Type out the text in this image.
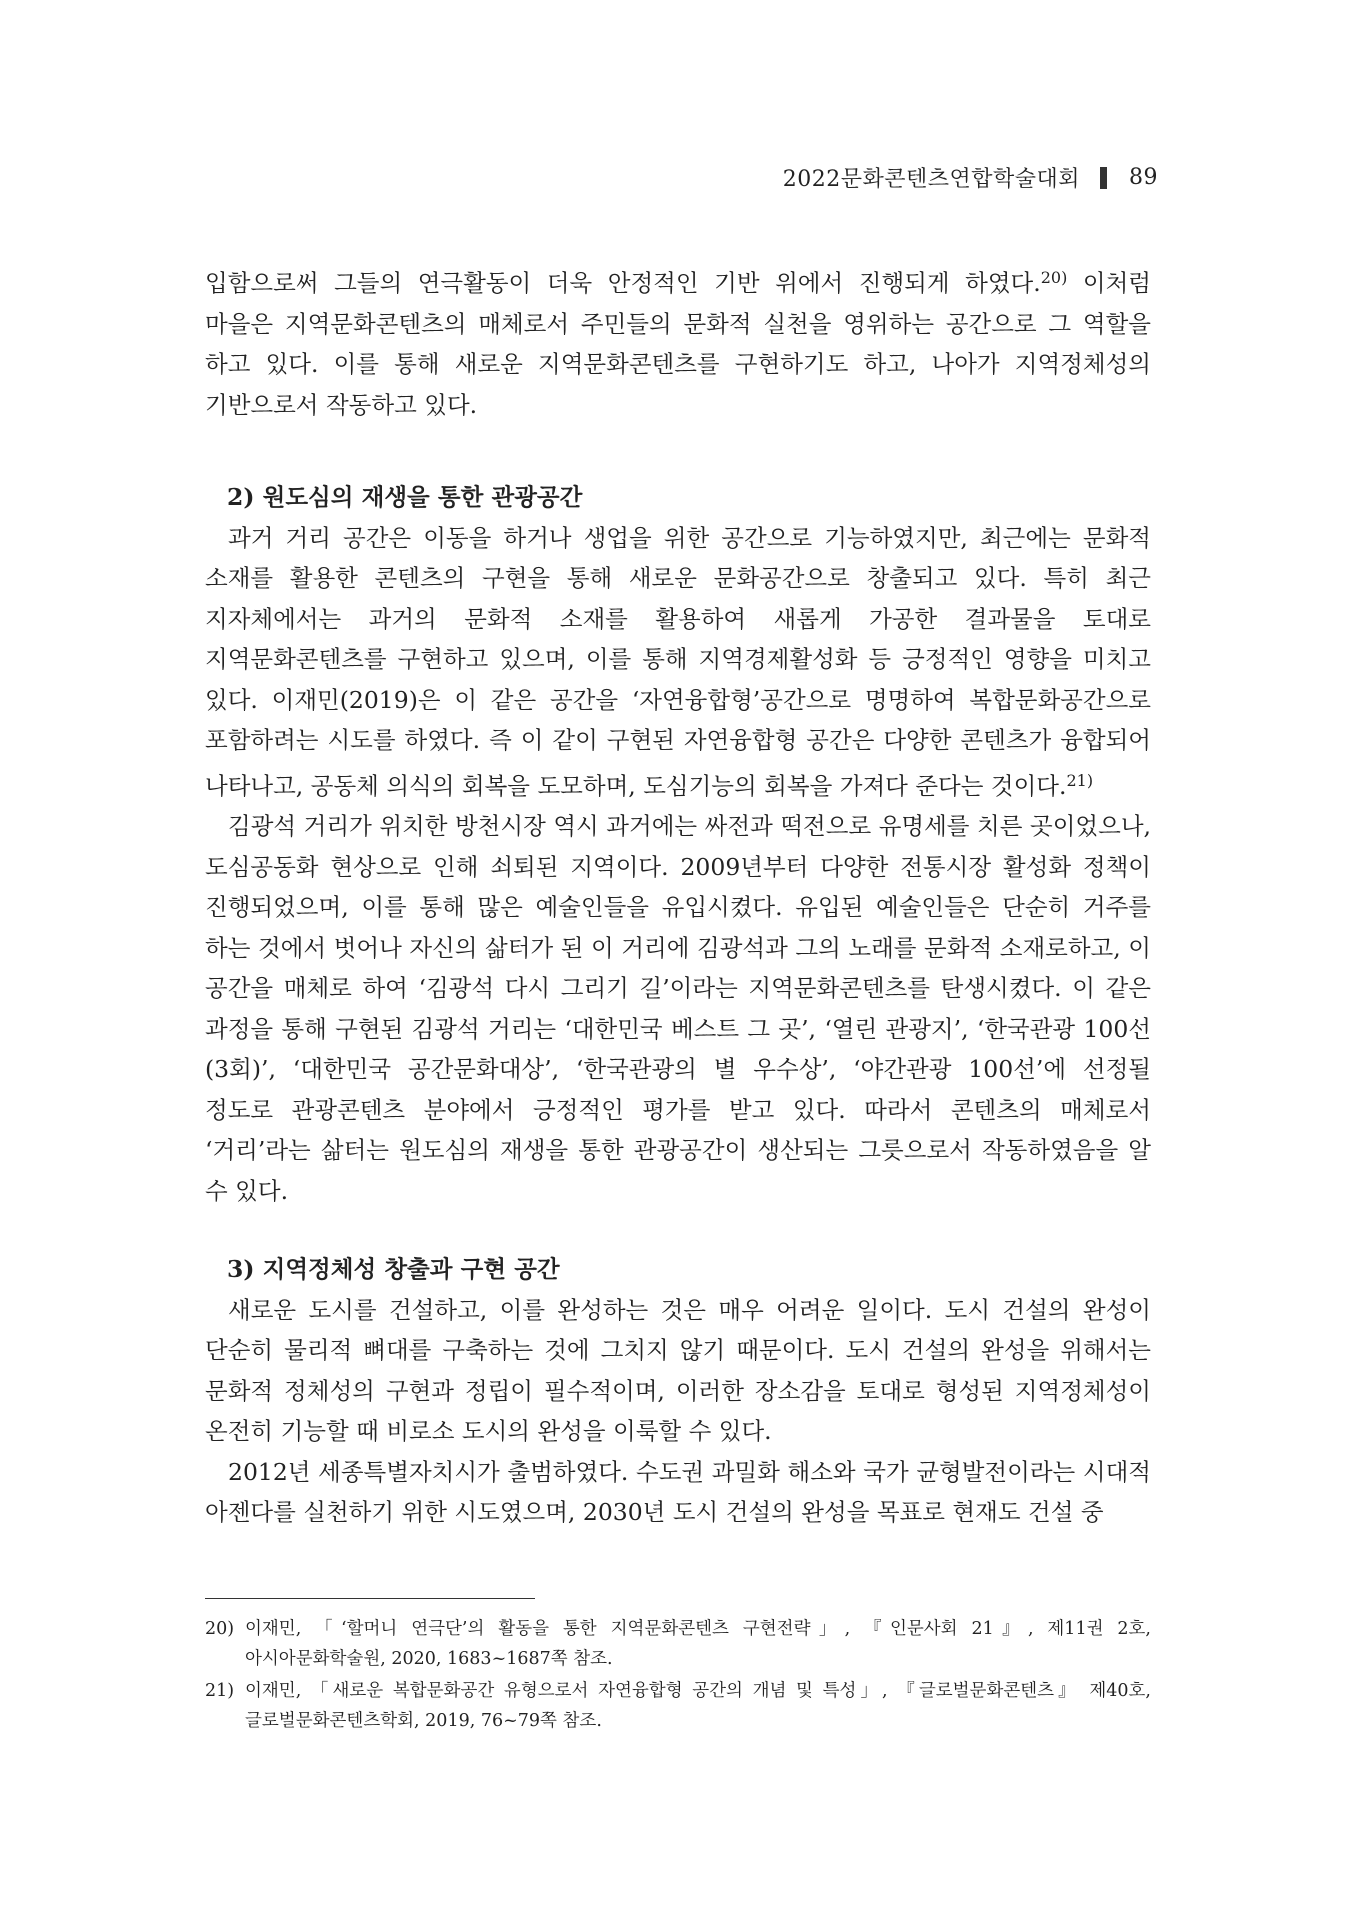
2022문화콘텐츠연합학술대회 89

입함으로써 그들의 연극활동이 더욱 안정적인 기반 위에서 진행되게 하였다.$^{20)}$ 이처럼 마을은 지역문화콘텐츠의 매체로서 주민들의 문화적 실천을 영위하는 공간으로 그 역할을 하고 있다. 이를 통해 새로운 지역문화콘텐츠를 구현하기도 하고, 나아가 지역정체성의 기반으로서 작동하고 있다.

2) 원도심의 재생을 통한 관광공간

과거 거리 공간은 이동을 하거나 생업을 위한 공간으로 기능하였지만, 최근에는 문화적 소재를 활용한 콘텐츠의 구현을 통해 새로운 문화공간으로 창출되고 있다. 특히 최근 지자체에서는 과거의 문화적 소재를 활용하여 새롭게 가공한 결과물을 토대로 지역문화콘텐츠를 구현하고 있으며, 이를 통해 지역경제활성화 등 긍정적인 영향을 미치고 있다. 이재민(2019)은 이 같은 공간을 ‘자연융합형’공간으로 명명하여 복합문화공간으로 포함하려는 시도를 하였다. 즉 이 같이 구현된 자연융합형 공간은 다양한 콘텐츠가 융합되어 나타나고, 공동체 의식의 회복을 도모하며, 도심기능의 회복을 가져다 준다는 것이다.$^{21)}$

김광석 거리가 위치한 방천시장 역시 과거에는 싸전과 떡전으로 유명세를 치른 곳이었으나, 도심공동화 현상으로 인해 쇠퇴된 지역이다. 2009년부터 다양한 전통시장 활성화 정책이 진행되었으며, 이를 통해 많은 예술인들을 유입시켰다. 유입된 예술인들은 단순히 거주를 하는 것에서 벗어나 자신의 삶터가 된 이 거리에 김광석과 그의 노래를 문화적 소재로하고, 이 공간을 매체로 하여 ‘김광석 다시 그리기 길’이라는 지역문화콘텐츠를 탄생시켰다. 이 같은 과정을 통해 구현된 김광석 거리는 ‘대한민국 베스트 그 곳’, ‘열린 관광지’, ‘한국관광 100선(3회)’, ‘대한민국 공간문화대상’, ‘한국관광의 별 우수상’, ‘야간관광 100선’에 선정될 정도로 관광콘텐츠 분야에서 긍정적인 평가를 받고 있다. 따라서 콘텐츠의 매체로서 ‘거리’라는 삶터는 원도심의 재생을 통한 관광공간이 생산되는 그릇으로서 작동하였음을 알 수 있다.

3) 지역정체성 창출과 구현 공간

새로운 도시를 건설하고, 이를 완성하는 것은 매우 어려운 일이다. 도시 건설의 완성이 단순히 물리적 뼈대를 구축하는 것에 그치지 않기 때문이다. 도시 건설의 완성을 위해서는 문화적 정체성의 구현과 정립이 필수적이며, 이러한 장소감을 토대로 형성된 지역정체성이 온전히 기능할 때 비로소 도시의 완성을 이룩할 수 있다.

2012년 세종특별자치시가 출범하였다. 수도권 과밀화 해소와 국가 균형발전이라는 시대적 아젠다를 실천하기 위한 시도였으며, 2030년 도시 건설의 완성을 목표로 현재도 건설 중

20) 이재민, 「‘할머니 연극단’의 활동을 통한 지역문화콘텐츠 구현전략」, 『인문사회 21』, 제11권 2호, 아시아문화학술원, 2020, 1683~1687쪽 참조.
21) 이재민, 「새로운 복합문화공간 유형으로서 자연융합형 공간의 개념 및 특성」, 『글로벌문화콘텐츠』 제40호, 글로벌문화콘텐츠학회, 2019, 76~79쪽 참조.
